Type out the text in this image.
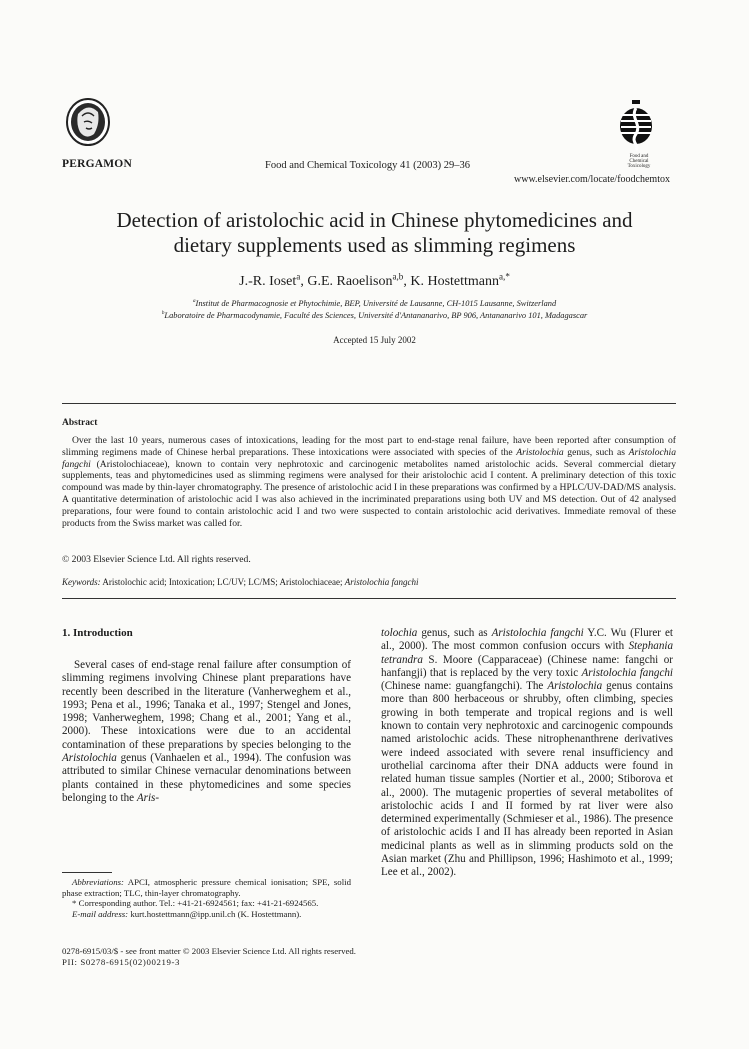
PERGAMON	Food and Chemical Toxicology 41 (2003) 29–36
Food and Chemical Toxicology
www.elsevier.com/locate/foodchemtox
Detection of aristolochic acid in Chinese phytomedicines and
dietary supplements used as slimming regimens
J.-R. Ioset$^a$, G.E. Raoelison$^{a,b}$, K. Hostettmann$^{a,*}$
$^a$Institut de Pharmacognosie et Phytochimie, BEP, Université de Lausanne, CH-1015 Lausanne, Switzerland
$^b$Laboratoire de Pharmacodynamie, Faculté des Sciences, Université d'Antananarivo, BP 906, Antananarivo 101, Madagascar
Accepted 15 July 2002
Abstract
Over the last 10 years, numerous cases of intoxications, leading for the most part to end-stage renal failure, have been reported after consumption of slimming regimens made of Chinese herbal preparations. These intoxications were associated with species of the Aristolochia genus, such as Aristolochia fangchi (Aristolochiaceae), known to contain very nephrotoxic and carcinogenic metabolites named aristolochic acids. Several commercial dietary supplements, teas and phytomedicines used as slimming regimens were analysed for their aristolochic acid I content. A preliminary detection of this toxic compound was made by thin-layer chromatography. The presence of aristolochic acid I in these preparations was confirmed by a HPLC/UV-DAD/MS analysis. A quantitative determination of aristolochic acid I was also achieved in the incriminated preparations using both UV and MS detection. Out of 42 analysed preparations, four were found to contain aristolochic acid I and two were suspected to contain aristolochic acid derivatives. Immediate removal of these products from the Swiss market was called for.
© 2003 Elsevier Science Ltd. All rights reserved.
Keywords: Aristolochic acid; Intoxication; LC/UV; LC/MS; Aristolochiaceae; Aristolochia fangchi
1. Introduction
Several cases of end-stage renal failure after consumption of slimming regimens involving Chinese plant preparations have recently been described in the literature (Vanherweghem et al., 1993; Pena et al., 1996; Tanaka et al., 1997; Stengel and Jones, 1998; Vanherweghem, 1998; Chang et al., 2001; Yang et al., 2000). These intoxications were due to an accidental contamination of these preparations by species belonging to the Aristolochia genus (Vanhaelen et al., 1994). The confusion was attributed to similar Chinese vernacular denominations between plants contained in these phytomedicines and some species belonging to the Aris-
tolochia genus, such as Aristolochia fangchi Y.C. Wu (Flurer et al., 2000). The most common confusion occurs with Stephania tetrandra S. Moore (Capparaceae) (Chinese name: fangchi or hanfangji) that is replaced by the very toxic Aristolochia fangchi (Chinese name: guangfangchi). The Aristolochia genus contains more than 800 herbaceous or shrubby, often climbing, species growing in both temperate and tropical regions and is well known to contain very nephrotoxic and carcinogenic compounds named aristolochic acids. These nitrophenanthrene derivatives were indeed associated with severe renal insufficiency and urothelial carcinoma after their DNA adducts were found in related human tissue samples (Nortier et al., 2000; Stiborova et al., 2000). The mutagenic properties of several metabolites of aristolochic acids I and II formed by rat liver were also determined experimentally (Schmieser et al., 1986). The presence of aristolochic acids I and II has already been reported in Asian medicinal plants as well as in slimming products sold on the Asian market (Zhu and Phillipson, 1996; Hashimoto et al., 1999; Lee et al., 2002).

Abbreviations: APCI, atmospheric pressure chemical ionisation; SPE, solid phase extraction; TLC, thin-layer chromatography.

* Corresponding author. Tel.: +41-21-6924561; fax: +41-21-6924565.

E-mail address: kurt.hostettmann@ipp.unil.ch (K. Hostettmann).

0278-6915/03/$ - see front matter © 2003 Elsevier Science Ltd. All rights reserved.
PII: S0278-6915(02)00219-3
